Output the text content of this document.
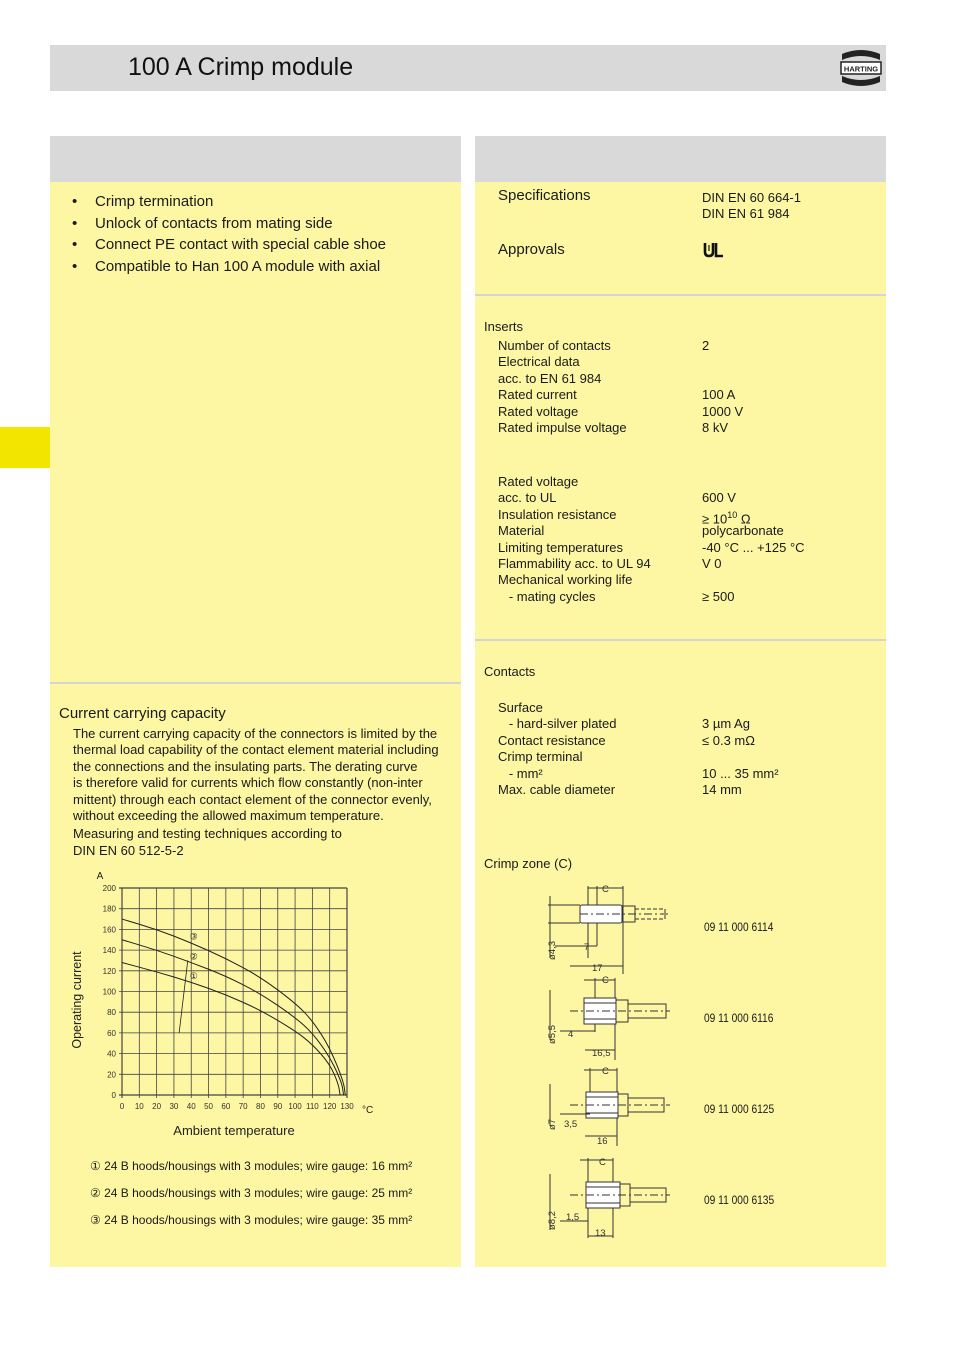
100 A Crimp module	HARTING
• Crimp termination
• Unlock of contacts from mating side
• Connect PE contact with special cable shoe
• Compatible to Han 100 A module with axial
Current carrying capacity
The current carrying capacity of the connectors is limited by the
thermal load capability of the contact element material including
the connections and the insulating parts. The derating curve
is therefore valid for currents which flow constantly (non-inter
mittent) through each contact element of the connector evenly,
without exceeding the allowed maximum temperature.
Measuring and testing techniques according to
DIN EN 60 512-5-2
0 10 20 30 40 50 60 70 80 90 100 110 120 130
0
20
40
60
80
100
120
140
160
180
200
①
②
③
A
°C
Operating current
Ambient temperature
① 24 B hoods/housings with 3 modules; wire gauge: 16 mm²
② 24 B hoods/housings with 3 modules; wire gauge: 25 mm²
③ 24 B hoods/housings with 3 modules; wire gauge: 35 mm²
Specifications	DIN EN 60 664-1
DIN EN 61 984
Approvals
Inserts
Number of contacts	2
Electrical data
acc. to EN 61 984
Rated current	100 A
Rated voltage	1000 V
Rated impulse voltage	8 kV
Rated voltage
acc. to UL	600 V
Insulation resistance	≥ $10^{10}$ Ω
Material	polycarbonate
Limiting temperatures	-40 °C ... +125 °C
Flammability acc. to UL 94	V 0
Mechanical working life
- mating cycles	≥ 500
Contacts
Surface
- hard-silver plated	3 µm Ag
Contact resistance	≤ 0.3 mΩ
Crimp terminal
- mm²	10 ... 35 mm²
Max. cable diameter	14 mm
Crimp zone (C)
C
7
17
ø4,3
C
4
16,5
ø5,5
C
3,5
16
ø7
C
1,5
13
ø8,2
09 11 000 6114
09 11 000 6116
09 11 000 6125
09 11 000 6135
